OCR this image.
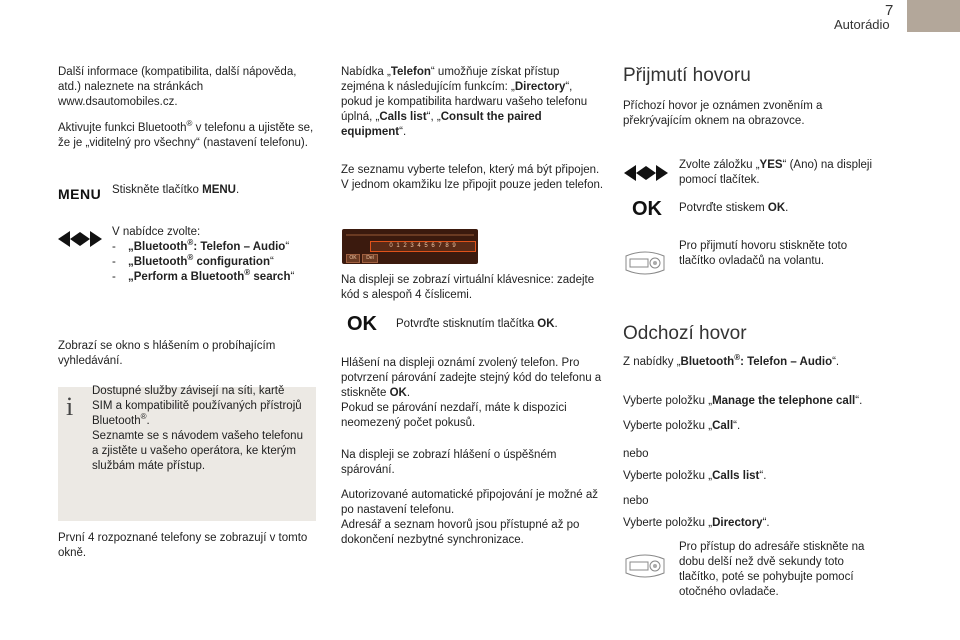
7
Autorádio

Další informace (kompatibilita, další nápověda, atd.) naleznete na stránkách www.dsautomobiles.cz.

Aktivujte funkci Bluetooth® v telefonu a ujistěte se, že je „viditelný pro všechny“ (nastavení telefonu).

MENU Stiskněte tlačítko MENU.

V nabídce zvolte:
- „Bluetooth®: Telefon – Audio“
- „Bluetooth® configuration“
- „Perform a Bluetooth® search“

Zobrazí se okno s hlášením o probíhajícím vyhledávání.

i
Dostupné služby závisejí na síti, kartě
SIM a kompatibilitě používaných přístrojů
Bluetooth®.
Seznamte se s návodem vašeho telefonu
a zjistěte u vašeho operátora, ke kterým
službám máte přístup.

První 4 rozpoznané telefony se zobrazují v tomto okně.

Nabídka „Telefon“ umožňuje získat přístup zejména k následujícím funkcím: „Directory“, pokud je kompatibilita hardwaru vašeho telefonu úplná, „Calls list“, „Consult the paired equipment“.

Ze seznamu vyberte telefon, který má být připojen. V jednom okamžiku lze připojit pouze jeden telefon.

0 1 2 3 4 5 6 7 8 9
OK	Del

Na displeji se zobrazí virtuální klávesnice: zadejte kód s alespoň 4 číslicemi.

OK Potvrďte stisknutím tlačítka OK.

Hlášení na displeji oznámí zvolený telefon. Pro potvrzení párování zadejte stejný kód do telefonu a stiskněte OK.
Pokud se párování nezdaří, máte k dispozici neomezený počet pokusů.

Na displeji se zobrazí hlášení o úspěšném spárování.

Autorizované automatické připojování je možné až po nastavení telefonu.
Adresář a seznam hovorů jsou přístupné až po dokončení nezbytné synchronizace.

Přijmutí hovoru

Příchozí hovor je oznámen zvoněním a překrývajícím oknem na obrazovce.

Zvolte záložku „YES“ (Ano) na displeji pomocí tlačítek.

OK Potvrďte stiskem OK.

Pro přijmutí hovoru stiskněte toto tlačítko ovladačů na volantu.

Odchozí hovor

Z nabídky „Bluetooth®: Telefon – Audio“.

Vyberte položku „Manage the telephone call“.

Vyberte položku „Call“.

nebo

Vyberte položku „Calls list“.

nebo

Vyberte položku „Directory“.

Pro přístup do adresáře stiskněte na dobu delší než dvě sekundy toto tlačítko, poté se pohybujte pomocí otočného ovladače.
